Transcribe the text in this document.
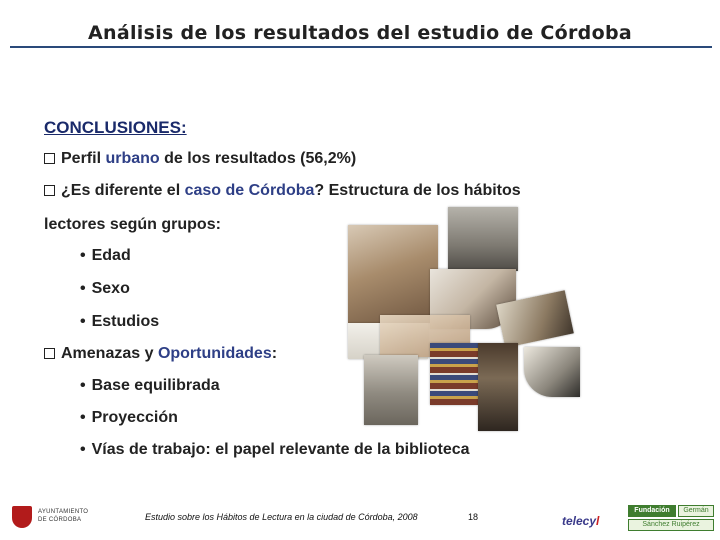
Análisis de los resultados del estudio de Córdoba
CONCLUSIONES:
Perfil urbano de los resultados (56,2%)
¿Es diferente el caso de Córdoba? Estructura de los hábitos
lectores según grupos:
• Edad
• Sexo
• Estudios
Amenazas y Oportunidades:
• Base equilibrada
• Proyección
• Vías de trabajo: el papel relevante de la biblioteca
AYUNTAMIENTO
DE CÓRDOBA	Estudio sobre los Hábitos de Lectura en la ciudad de Córdoba, 2008	18	telecyl
Fundación	Germán
Sánchez Ruipérez
